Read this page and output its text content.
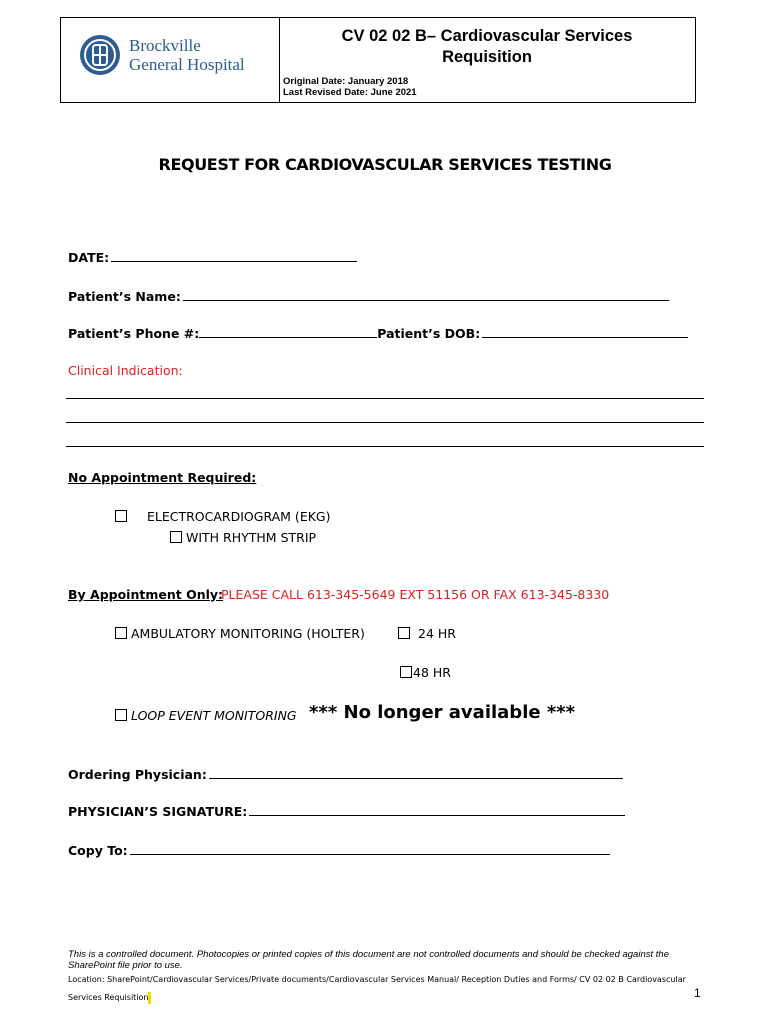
Brockville
General Hospital
CV 02 02 B– Cardiovascular Services
Requisition
Original Date: January 2018
Last Revised Date: June 2021
REQUEST FOR CARDIOVASCULAR SERVICES TESTING
DATE:
Patient’s Name:
Patient’s Phone #:	Patient’s DOB:
Clinical Indication:
No Appointment Required:
ELECTROCARDIOGRAM (EKG)
WITH RHYTHM STRIP
By Appointment Only:
PLEASE CALL 613-345-5649 EXT 51156 OR FAX 613-345-8330
AMBULATORY MONITORING (HOLTER)	24 HR
48 HR
LOOP EVENT MONITORING *** No longer available ***
Ordering Physician:
PHYSICIAN’S SIGNATURE:
Copy To:
This is a controlled document. Photocopies or printed copies of this document are not controlled documents and should be checked against the SharePoint file prior to use.
Location: SharePoint/Cardiovascular Services/Private documents/Cardiovascular Services Manual/ Reception Duties and Forms/ CV 02 02 B Cardiovascular Services Requisition	1
